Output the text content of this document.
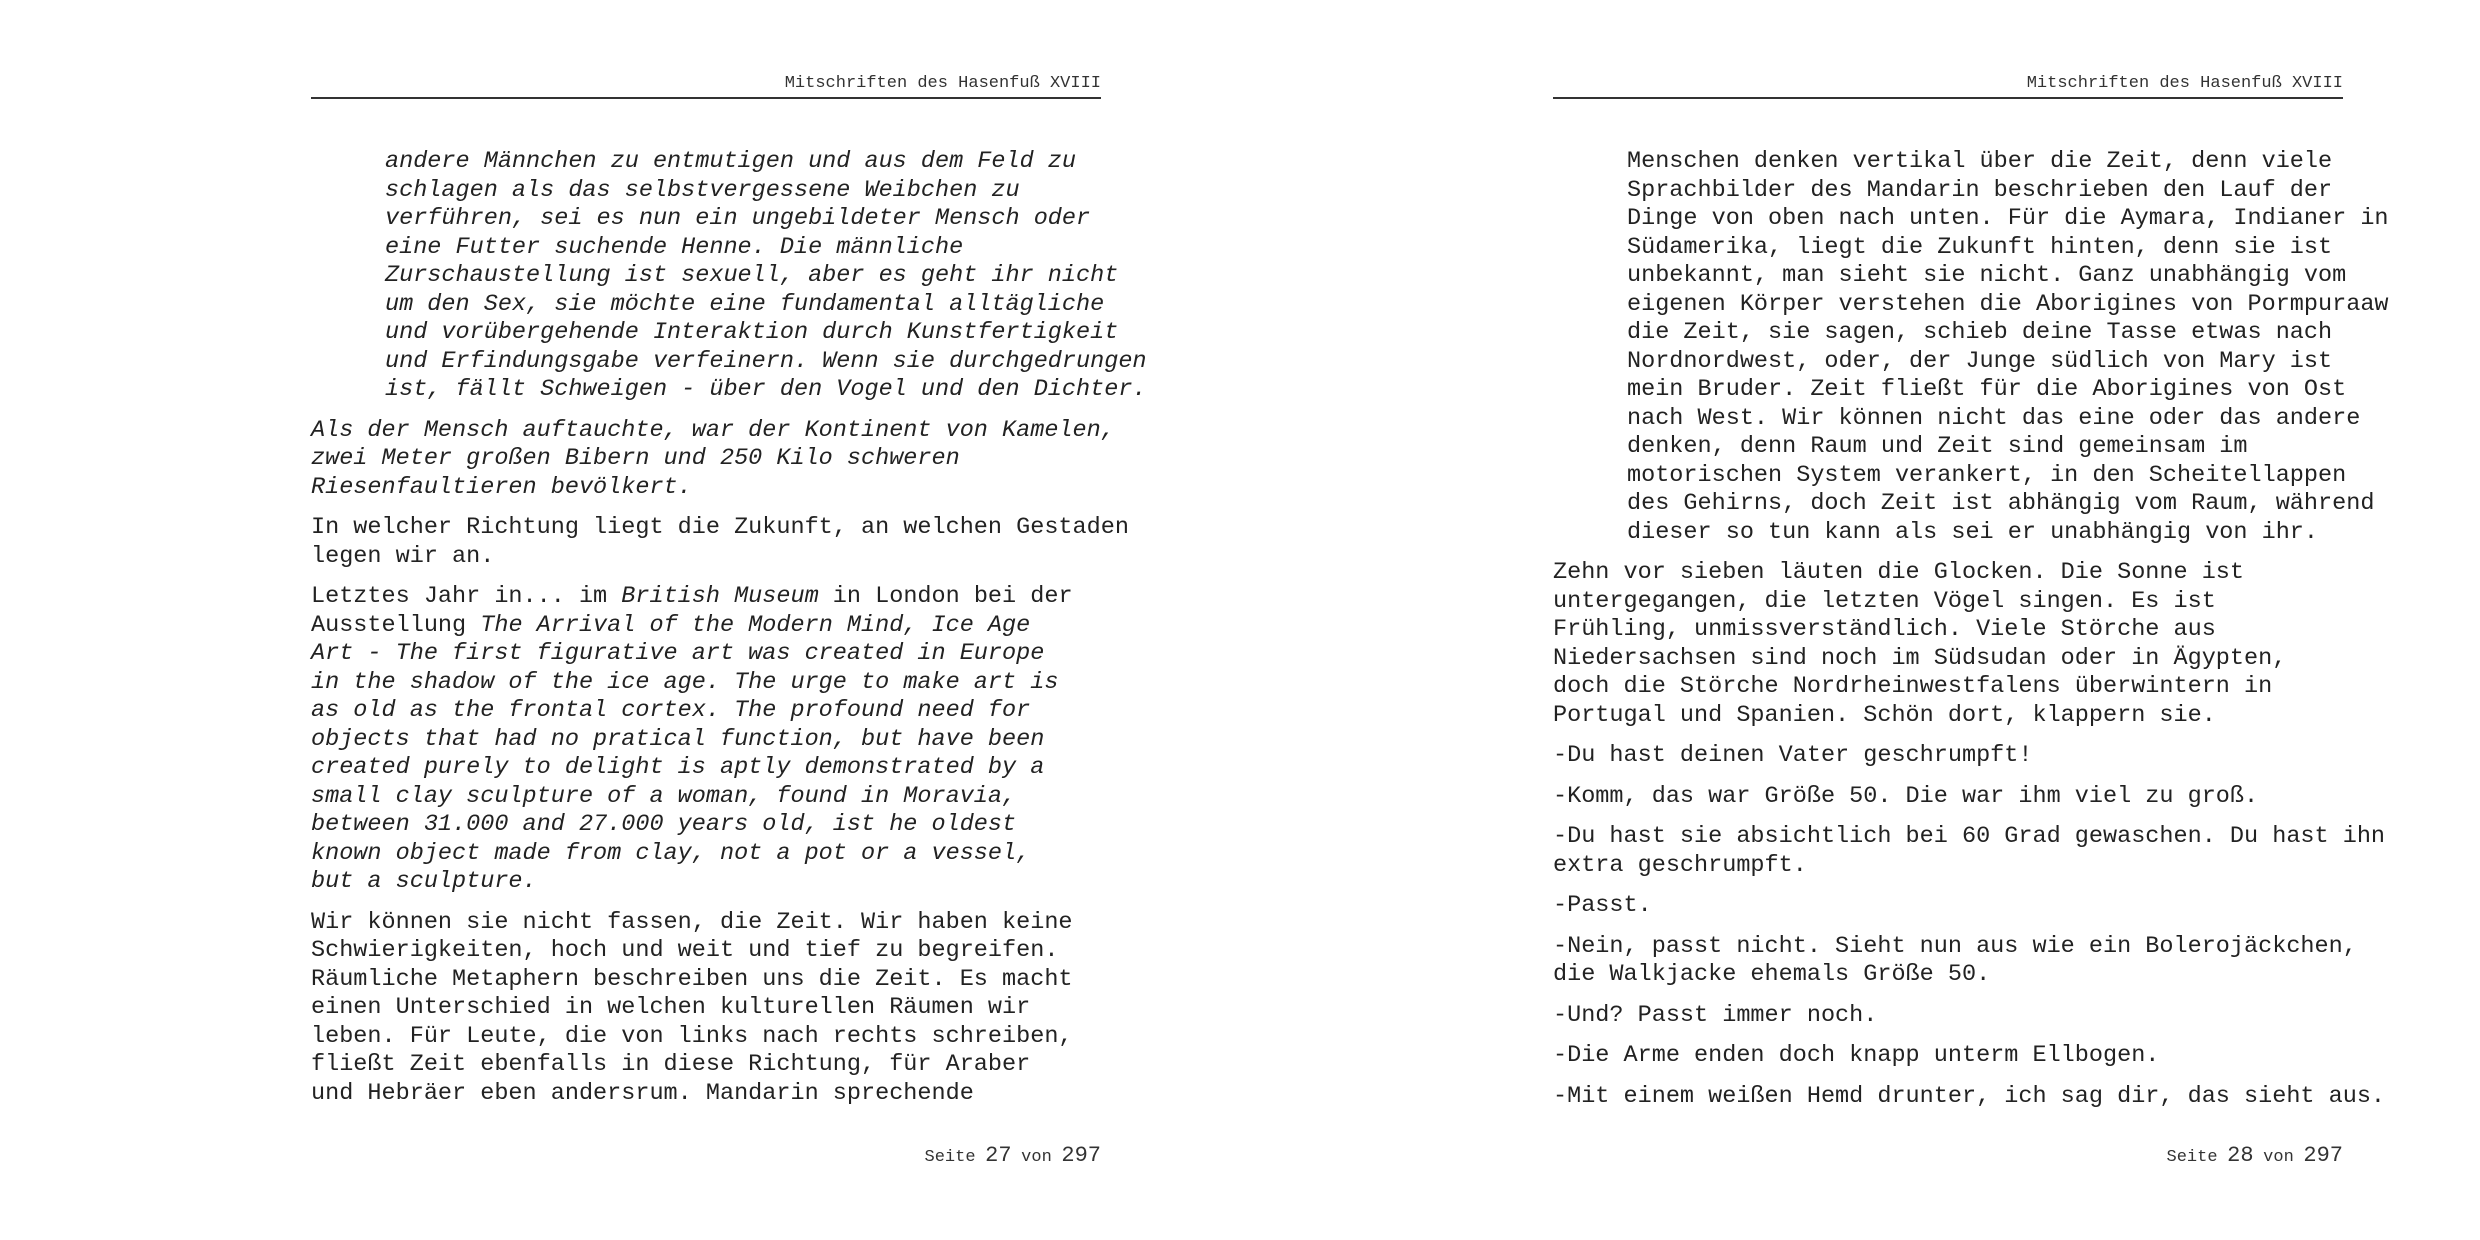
Mitschriften des Hasenfuß XVIII
andere Männchen zu entmutigen und aus dem Feld zu
schlagen als das selbstvergessene Weibchen zu
verführen, sei es nun ein ungebildeter Mensch oder
eine Futter suchende Henne. Die männliche
Zurschaustellung ist sexuell, aber es geht ihr nicht
um den Sex, sie möchte eine fundamental alltägliche
und vorübergehende Interaktion durch Kunstfertigkeit
und Erfindungsgabe verfeinern. Wenn sie durchgedrungen
ist, fällt Schweigen - über den Vogel und den Dichter.
Als der Mensch auftauchte, war der Kontinent von Kamelen,
zwei Meter großen Bibern und 250 Kilo schweren
Riesenfaultieren bevölkert.
In welcher Richtung liegt die Zukunft, an welchen Gestaden
legen wir an.
Letztes Jahr in... im British Museum in London bei der
Ausstellung The Arrival of the Modern Mind, Ice Age
Art - The first figurative art was created in Europe
in the shadow of the ice age. The urge to make art is
as old as the frontal cortex. The profound need for
objects that had no pratical function, but have been
created purely to delight is aptly demonstrated by a
small clay sculpture of a woman, found in Moravia,
between 31.000 and 27.000 years old, ist he oldest
known object made from clay, not a pot or a vessel,
but a sculpture.
Wir können sie nicht fassen, die Zeit. Wir haben keine
Schwierigkeiten, hoch und weit und tief zu begreifen.
Räumliche Metaphern beschreiben uns die Zeit. Es macht
einen Unterschied in welchen kulturellen Räumen wir
leben. Für Leute, die von links nach rechts schreiben,
fließt Zeit ebenfalls in diese Richtung, für Araber
und Hebräer eben andersrum. Mandarin sprechende
Seite 27 von 297
Mitschriften des Hasenfuß XVIII
Menschen denken vertikal über die Zeit, denn viele
Sprachbilder des Mandarin beschrieben den Lauf der
Dinge von oben nach unten. Für die Aymara, Indianer in
Südamerika, liegt die Zukunft hinten, denn sie ist
unbekannt, man sieht sie nicht. Ganz unabhängig vom
eigenen Körper verstehen die Aborigines von Pormpuraaw
die Zeit, sie sagen, schieb deine Tasse etwas nach
Nordnordwest, oder, der Junge südlich von Mary ist
mein Bruder. Zeit fließt für die Aborigines von Ost
nach West. Wir können nicht das eine oder das andere
denken, denn Raum und Zeit sind gemeinsam im
motorischen System verankert, in den Scheitellappen
des Gehirns, doch Zeit ist abhängig vom Raum, während
dieser so tun kann als sei er unabhängig von ihr.
Zehn vor sieben läuten die Glocken. Die Sonne ist
untergegangen, die letzten Vögel singen. Es ist
Frühling, unmissverständlich. Viele Störche aus
Niedersachsen sind noch im Südsudan oder in Ägypten,
doch die Störche Nordrheinwestfalens überwintern in
Portugal und Spanien. Schön dort, klappern sie.
-Du hast deinen Vater geschrumpft!
-Komm, das war Größe 50. Die war ihm viel zu groß.
-Du hast sie absichtlich bei 60 Grad gewaschen. Du hast ihn
extra geschrumpft.
-Passt.
-Nein, passt nicht. Sieht nun aus wie ein Bolerojäckchen,
die Walkjacke ehemals Größe 50.
-Und? Passt immer noch.
-Die Arme enden doch knapp unterm Ellbogen.
-Mit einem weißen Hemd drunter, ich sag dir, das sieht aus.
Seite 28 von 297
